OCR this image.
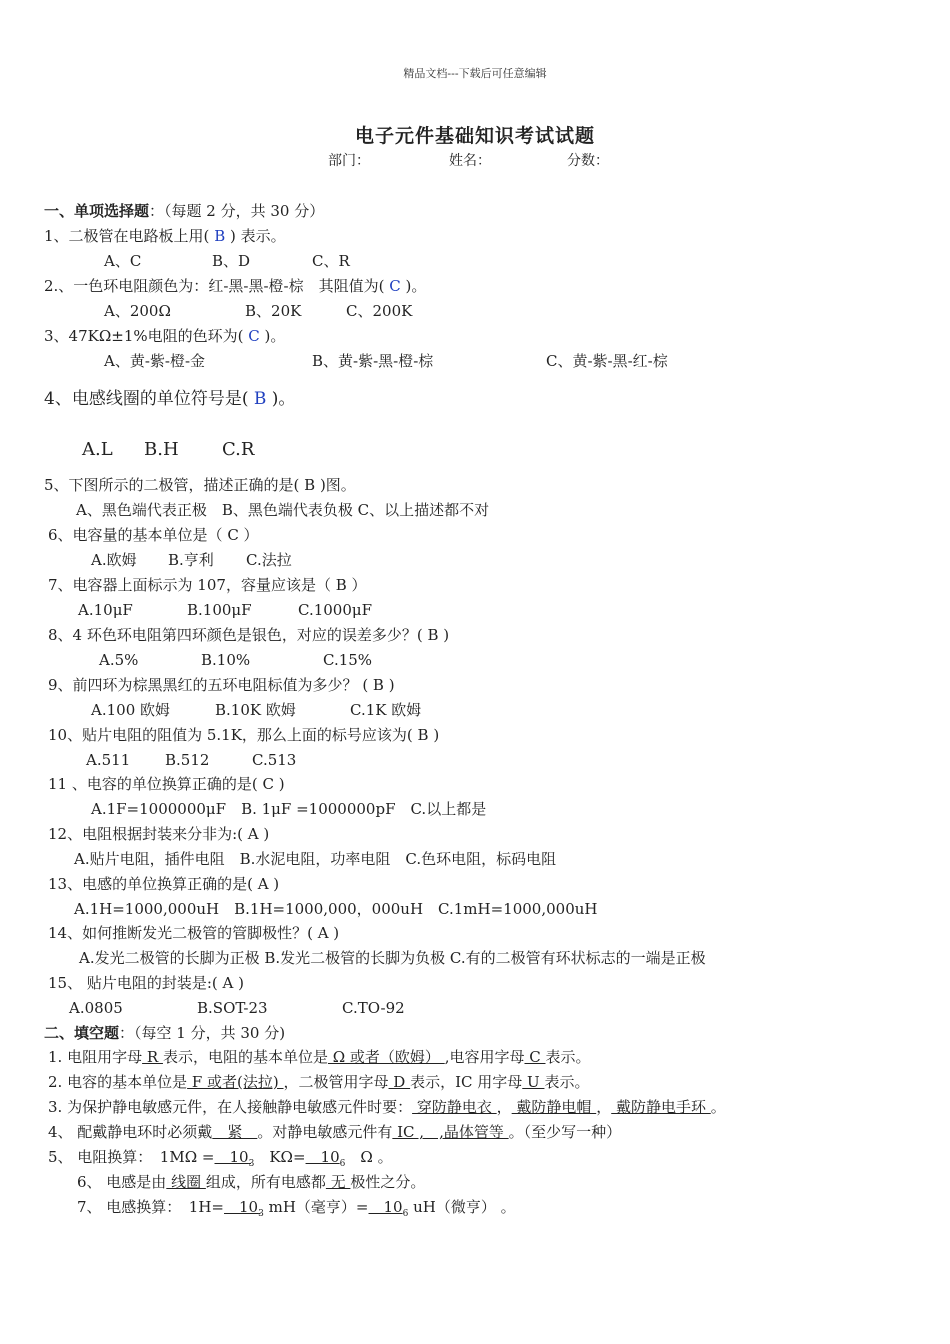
精品文档---下载后可任意编辑
电子元件基础知识考试试题
部门：	姓名：	分数：
一、单项选择题：（每题 2 分，共 30 分）
1、二极管在电路板上用( B ) 表示。
A、C	B、D	C、R
2.、一色环电阻颜色为：红-黑-黑-橙-棕　其阻值为( C )。
A、200Ω	B、20K	C、200K
3、47KΩ±1%电阻的色环为( C )。
A、黄-紫-橙-金	B、黄-紫-黑-橙-棕	C、黄-紫-黑-红-棕
4、电感线圈的单位符号是( B )。
A.L B.H C.R
5、下图所示的二极管，描述正确的是( B )图。
A、黑色端代表正极　B、黑色端代表负极 C、以上描述都不对
6、电容量的基本单位是（ C ）
A.欧姆 B.亨利 C.法拉
7、电容器上面标示为 107，容量应该是（ B ）
A.10μF	B.100μF	C.1000μF
8、4 环色环电阻第四环颜色是银色，对应的误差多少？( B )
A.5%	B.10%	C.15%
9、前四环为棕黑黑红的五环电阻标值为多少？ ( B )
A.100 欧姆	B.10K 欧姆	C.1K 欧姆
10、贴片电阻的阻值为 5.1K，那么上面的标号应该为( B )
A.511 B.512	C.513
11 、电容的单位换算正确的是( C )
A.1F=1000000μF　B. 1μF =1000000pF　C.以上都是
12、电阻根据封装来分非为:( A )
A.贴片电阻，插件电阻　B.水泥电阻，功率电阻　C.色环电阻，标码电阻
13、电感的单位换算正确的是( A )
A.1H=1000,000uH　B.1H=1000,000，000uH　C.1mH=1000,000uH
14、如何推断发光二极管的管脚极性？( A )
A.发光二极管的长脚为正极 B.发光二极管的长脚为负极 C.有的二极管有环状标志的一端是正极
15、 贴片电阻的封装是:( A )
A.0805	B.SOT-23	C.TO-92
二、填空题：（每空 1 分，共 30 分)
1. 电阻用字母 R 表示，电阻的基本单位是 Ω 或者（欧姆） ,电容用字母 C 表示。
2. 电容的基本单位是 F 或者(法拉) ，二极管用字母 D 表示，IC 用字母 U 表示。
3. 为保护静电敏感元件，在人接触静电敏感元件时要： 穿防静电衣 ， 戴防静电帽 ， 戴防静电手环 。
4、 配戴静电环时必须戴　紧　。对静电敏感元件有 IC ,　,晶体管等 。（至少写一种）
5、 电阻换算：　1MΩ =　$10_3$　KΩ=　$10_6$　Ω 。
6、 电感是由 线圈 组成，所有电感都 无 极性之分。
7、 电感换算：　1H=　$10_3$ mH（毫亨）=　$10_6$ uH（微亨） 。
